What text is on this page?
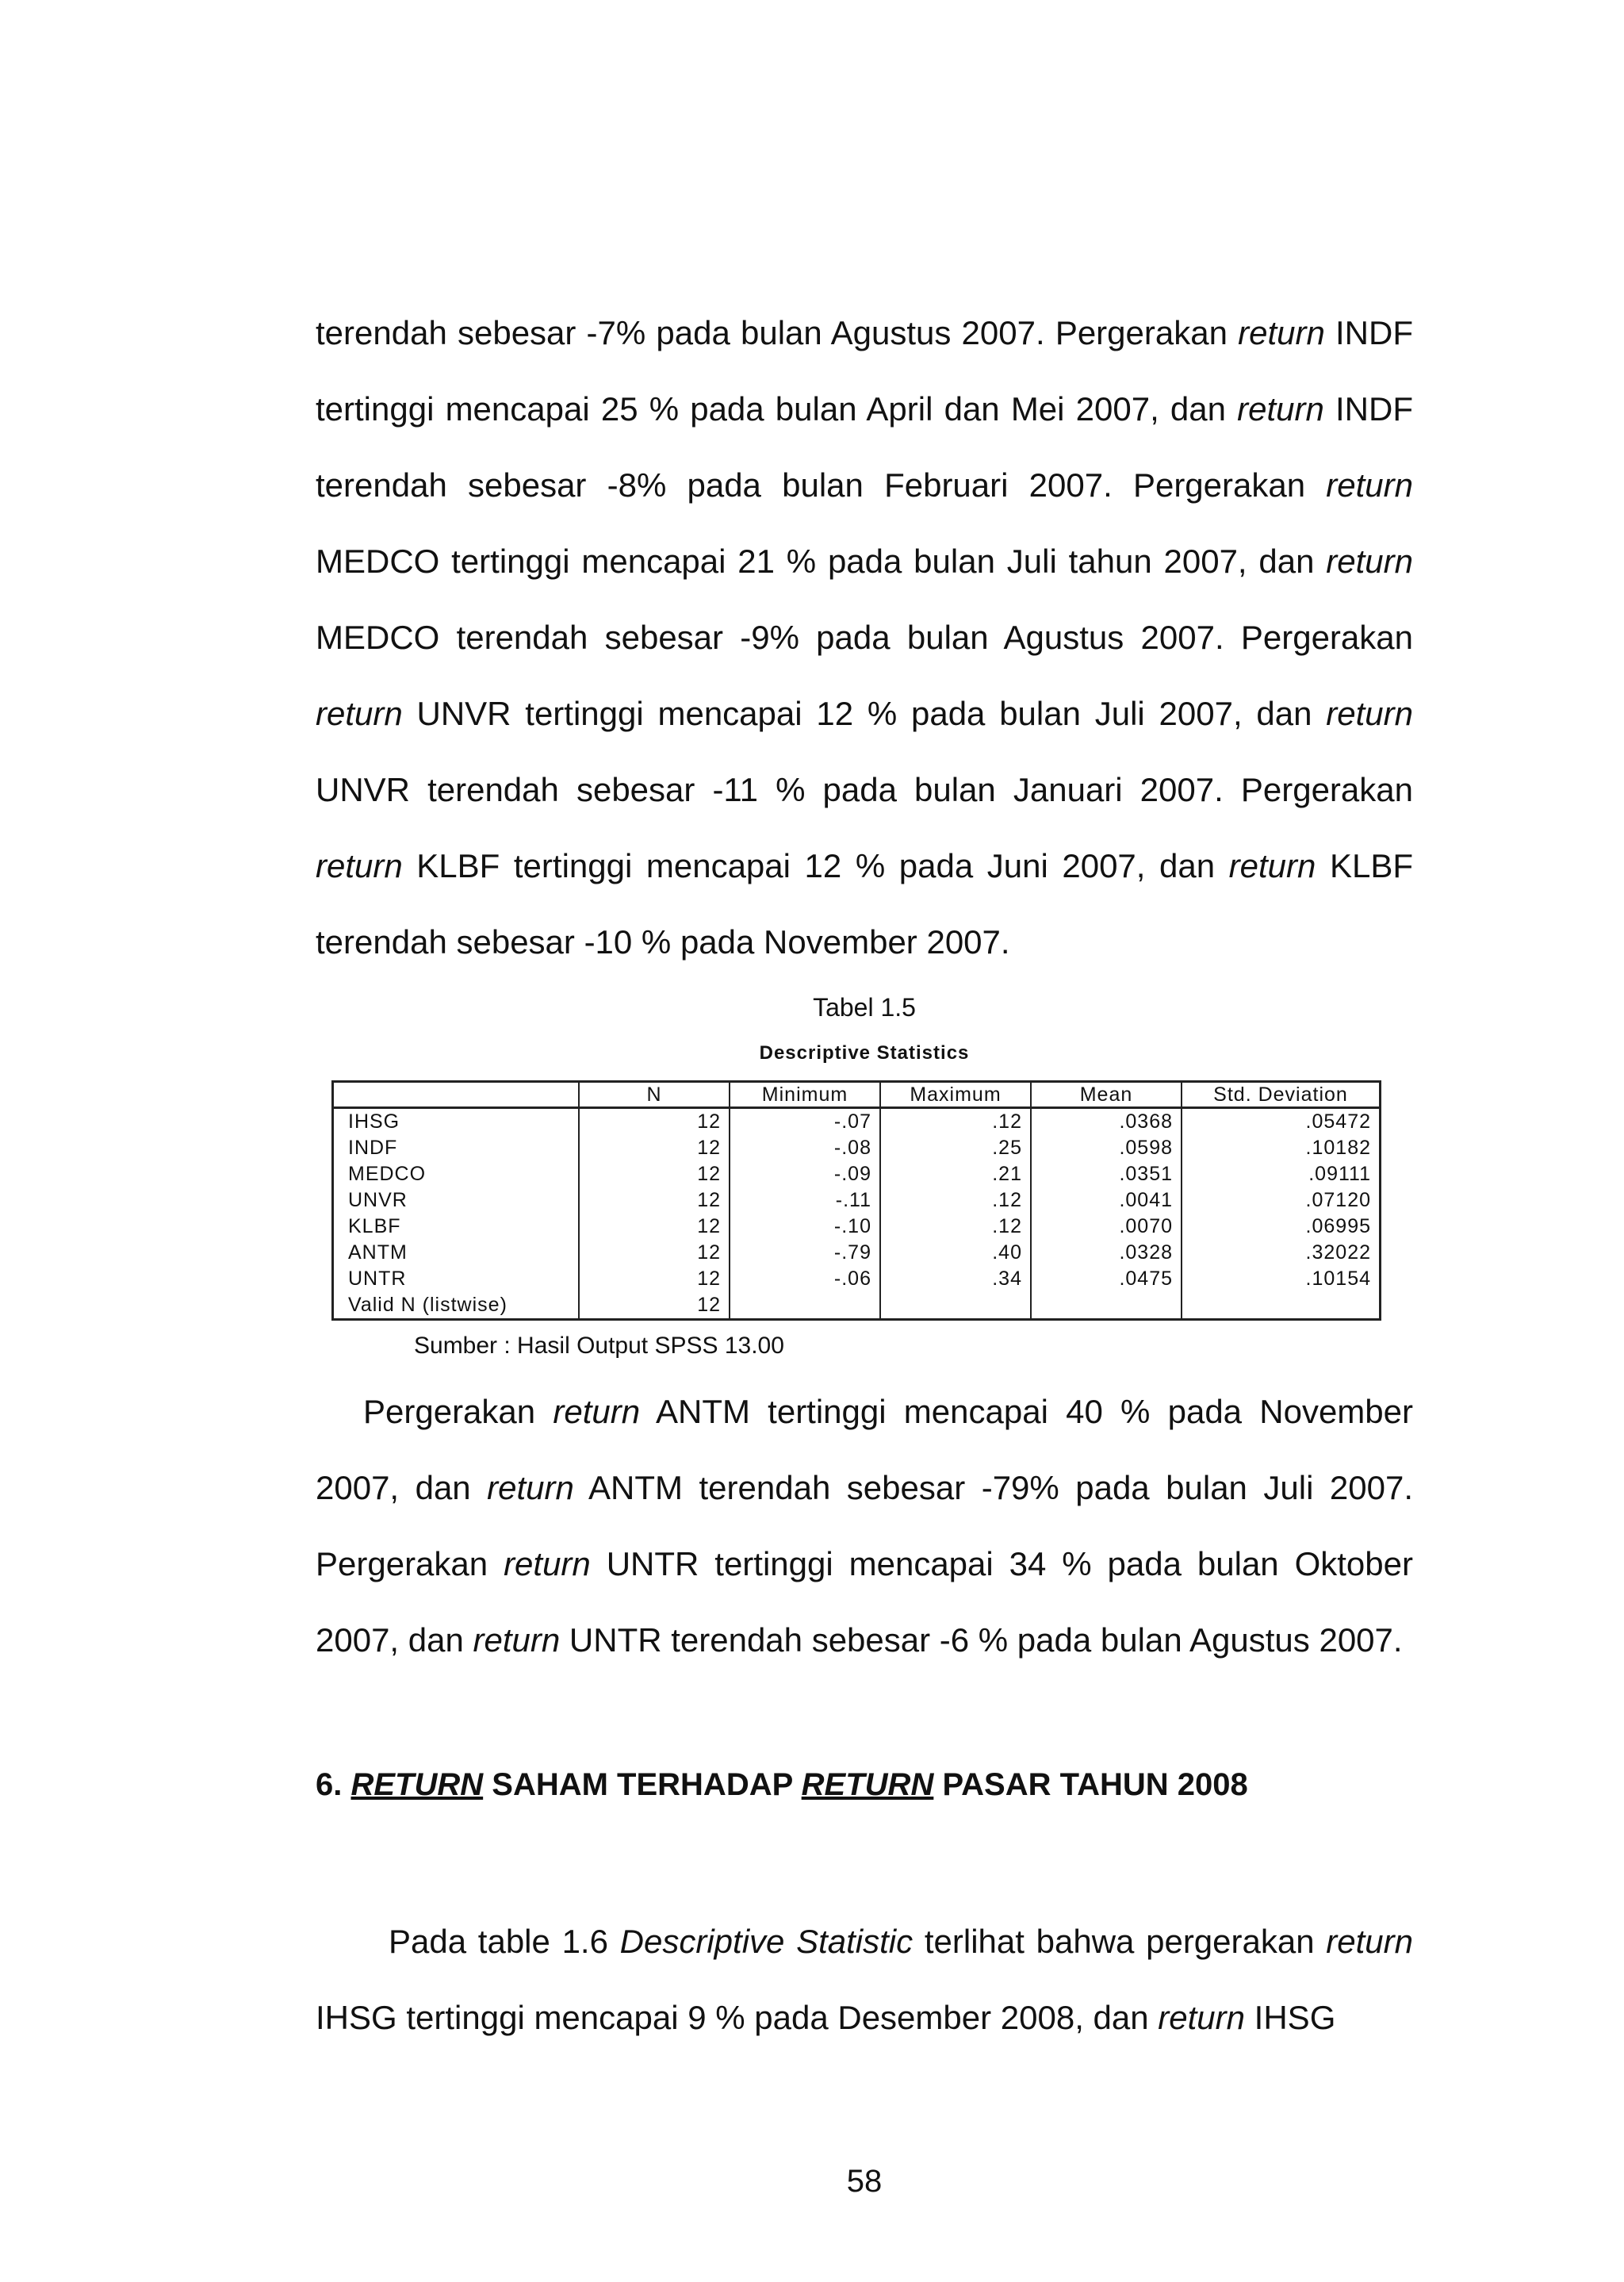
terendah sebesar -7% pada bulan Agustus 2007. Pergerakan return INDF tertinggi mencapai 25 % pada bulan April dan Mei 2007, dan return INDF terendah sebesar -8% pada bulan Februari 2007. Pergerakan return MEDCO tertinggi mencapai 21 % pada bulan Juli tahun 2007, dan return MEDCO terendah sebesar -9% pada bulan Agustus 2007. Pergerakan return UNVR tertinggi mencapai 12 % pada bulan Juli 2007, dan return UNVR terendah sebesar -11 % pada bulan Januari 2007. Pergerakan return KLBF tertinggi mencapai 12 % pada Juni 2007, dan return KLBF terendah sebesar -10 % pada November 2007.

Tabel 1.5

Descriptive Statistics

	N	Minimum	Maximum	Mean	Std. Deviation
IHSG	12	-.07	.12	.0368	.05472
INDF	12	-.08	.25	.0598	.10182
MEDCO	12	-.09	.21	.0351	.09111
UNVR	12	-.11	.12	.0041	.07120
KLBF	12	-.10	.12	.0070	.06995
ANTM	12	-.79	.40	.0328	.32022
UNTR	12	-.06	.34	.0475	.10154
Valid N (listwise)	12				

Sumber : Hasil Output SPSS 13.00

Pergerakan return ANTM tertinggi mencapai 40 % pada November 2007, dan return ANTM terendah sebesar -79% pada bulan Juli 2007. Pergerakan return UNTR tertinggi mencapai 34 % pada bulan Oktober 2007, dan return UNTR terendah sebesar -6 % pada bulan Agustus 2007.

6. RETURN SAHAM TERHADAP RETURN PASAR TAHUN 2008

Pada table 1.6 Descriptive Statistic terlihat bahwa pergerakan return IHSG tertinggi mencapai 9 % pada Desember 2008, dan return IHSG

58
